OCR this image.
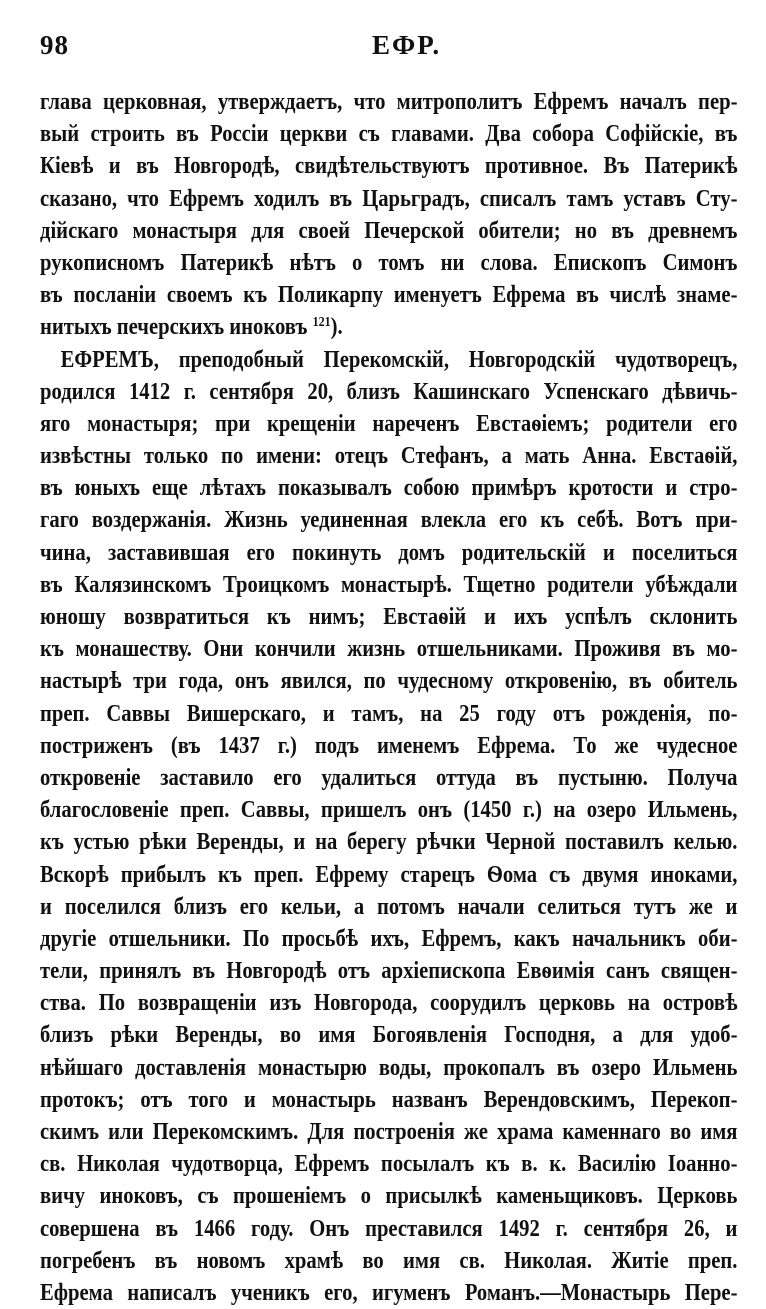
98	ЕФР.
глава церковная, утверждаетъ, что митрополитъ Ефремъ началъ пер-
вый строить въ Россіи церкви съ главами. Два собора Софійскіе, въ
Кіевѣ и въ Новгородѣ, свидѣтельствуютъ противное. Въ Патерикѣ
сказано, что Ефремъ ходилъ въ Царьградъ, списалъ тамъ уставъ Сту-
дійскаго монастыря для своей Печерской обители; но въ древнемъ
рукописномъ Патерикѣ нѣтъ о томъ ни слова. Епископъ Симонъ
въ посланіи своемъ къ Поликарпу именуетъ Ефрема въ числѣ знаме-
нитыхъ печерскихъ иноковъ $^{121}$).
ЕФРЕМЪ, преподобный Перекомскій, Новгородскій чудотворецъ,
родился 1412 г. сентября 20, близъ Кашинскаго Успенскаго дѣвичь-
яго монастыря; при крещеніи нареченъ Евстаѳіемъ; родители его
извѣстны только по имени: отецъ Стефанъ, а мать Анна. Евстаѳій,
въ юныхъ еще лѣтахъ показывалъ собою примѣръ кротости и стро-
гаго воздержанія. Жизнь уединенная влекла его къ себѣ. Вотъ при-
чина, заставившая его покинуть домъ родительскій и поселиться
въ Калязинскомъ Троицкомъ монастырѣ. Тщетно родители убѣждали
юношу возвратиться къ нимъ; Евстаѳій и ихъ успѣлъ склонить
къ монашеству. Они кончили жизнь отшельниками. Проживя въ мо-
настырѣ три года, онъ явился, по чудесному откровенію, въ обитель
преп. Саввы Вишерскаго, и тамъ, на 25 году отъ рожденія, по-
постриженъ (въ 1437 г.) подъ именемъ Ефрема. То же чудесное
откровеніе заставило его удалиться оттуда въ пустыню. Получа
благословеніе преп. Саввы, пришелъ онъ (1450 г.) на озеро Ильмень,
къ устью рѣки Веренды, и на берегу рѣчки Черной поставилъ келью.
Вскорѣ прибылъ къ преп. Ефрему старецъ Ѳома съ двумя иноками,
и поселился близъ его кельи, а потомъ начали селиться тутъ же и
другіе отшельники. По просьбѣ ихъ, Ефремъ, какъ начальникъ оби-
тели, принялъ въ Новгородѣ отъ архіепископа Евѳимія санъ священ-
ства. По возвращеніи изъ Новгорода, соорудилъ церковь на островѣ
близъ рѣки Веренды, во имя Богоявленія Господня, а для удоб-
нѣйшаго доставленія монастырю воды, прокопалъ въ озеро Ильмень
протокъ; отъ того и монастырь названъ Верендовскимъ, Перекоп-
скимъ или Перекомскимъ. Для построенія же храма каменнаго во имя
св. Николая чудотворца, Ефремъ посылалъ къ в. к. Василію Іоанно-
вичу иноковъ, съ прошеніемъ о присылкѣ каменьщиковъ. Церковь
совершена въ 1466 году. Онъ преставился 1492 г. сентября 26, и
погребенъ въ новомъ храмѣ во имя св. Николая. Житіе преп.
Ефрема написалъ ученикъ его, игуменъ Романъ.—Монастырь Пере-
